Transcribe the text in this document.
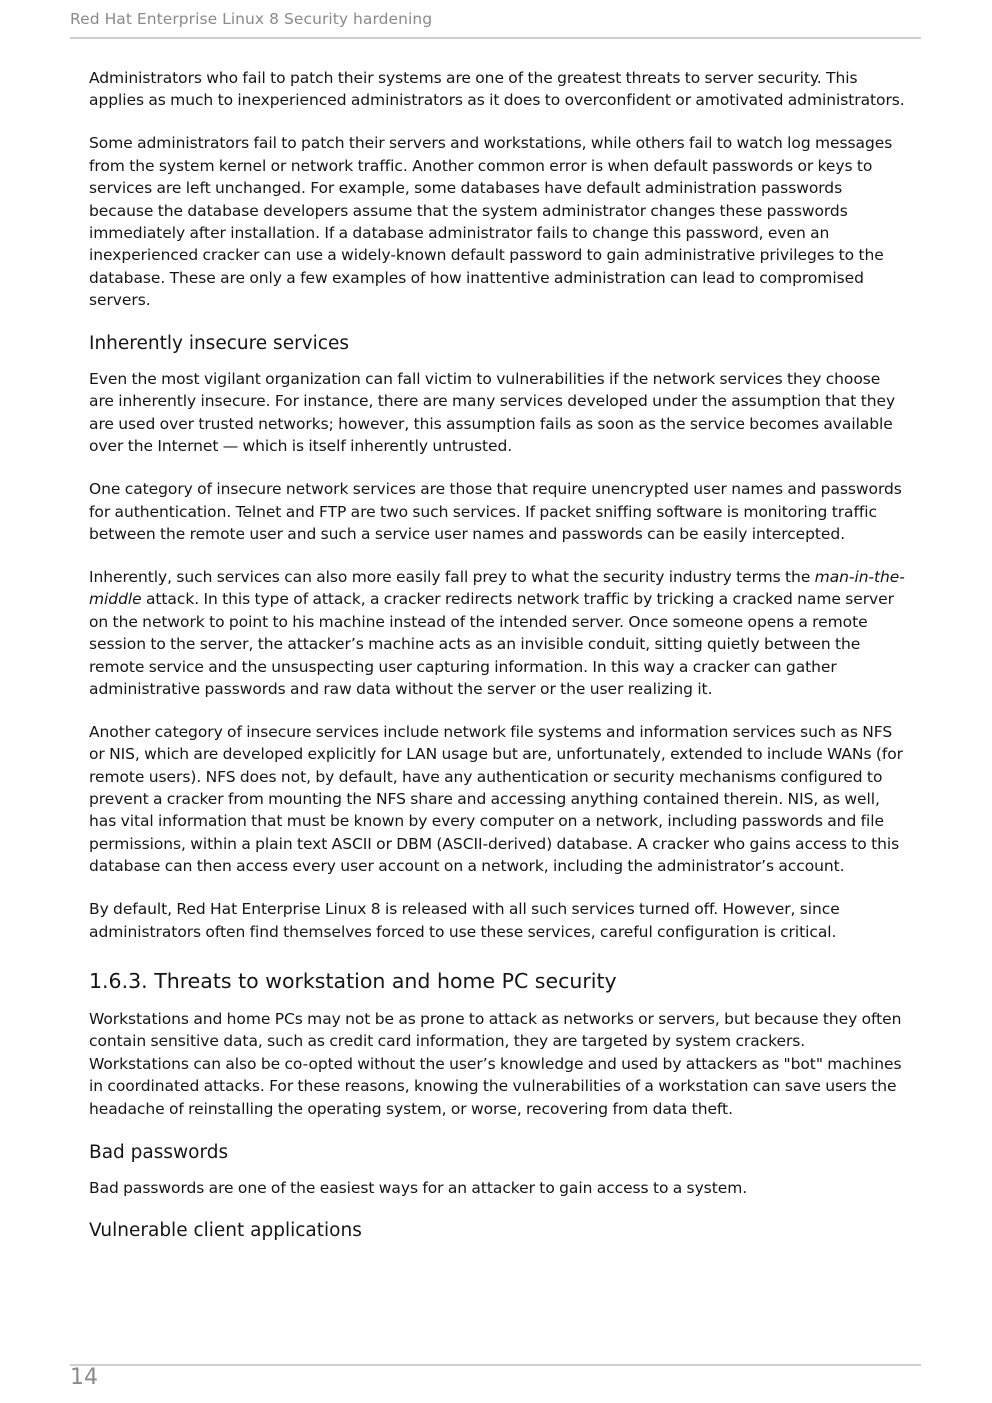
Red Hat Enterprise Linux 8 Security hardening

Administrators who fail to patch their systems are one of the greatest threats to server security. This applies as much to inexperienced administrators as it does to overconfident or amotivated administrators.

Some administrators fail to patch their servers and workstations, while others fail to watch log messages from the system kernel or network traffic. Another common error is when default passwords or keys to services are left unchanged. For example, some databases have default administration passwords because the database developers assume that the system administrator changes these passwords immediately after installation. If a database administrator fails to change this password, even an inexperienced cracker can use a widely-known default password to gain administrative privileges to the database. These are only a few examples of how inattentive administration can lead to compromised servers.

Inherently insecure services

Even the most vigilant organization can fall victim to vulnerabilities if the network services they choose are inherently insecure. For instance, there are many services developed under the assumption that they are used over trusted networks; however, this assumption fails as soon as the service becomes available over the Internet — which is itself inherently untrusted.

One category of insecure network services are those that require unencrypted user names and passwords for authentication. Telnet and FTP are two such services. If packet sniffing software is monitoring traffic between the remote user and such a service user names and passwords can be easily intercepted.

Inherently, such services can also more easily fall prey to what the security industry terms the man-in-the-middle attack. In this type of attack, a cracker redirects network traffic by tricking a cracked name server on the network to point to his machine instead of the intended server. Once someone opens a remote session to the server, the attacker’s machine acts as an invisible conduit, sitting quietly between the remote service and the unsuspecting user capturing information. In this way a cracker can gather administrative passwords and raw data without the server or the user realizing it.

Another category of insecure services include network file systems and information services such as NFS or NIS, which are developed explicitly for LAN usage but are, unfortunately, extended to include WANs (for remote users). NFS does not, by default, have any authentication or security mechanisms configured to prevent a cracker from mounting the NFS share and accessing anything contained therein. NIS, as well, has vital information that must be known by every computer on a network, including passwords and file permissions, within a plain text ASCII or DBM (ASCII-derived) database. A cracker who gains access to this database can then access every user account on a network, including the administrator’s account.

By default, Red Hat Enterprise Linux 8 is released with all such services turned off. However, since administrators often find themselves forced to use these services, careful configuration is critical.

1.6.3. Threats to workstation and home PC security

Workstations and home PCs may not be as prone to attack as networks or servers, but because they often contain sensitive data, such as credit card information, they are targeted by system crackers. Workstations can also be co-opted without the user’s knowledge and used by attackers as "bot" machines in coordinated attacks. For these reasons, knowing the vulnerabilities of a workstation can save users the headache of reinstalling the operating system, or worse, recovering from data theft.

Bad passwords

Bad passwords are one of the easiest ways for an attacker to gain access to a system.

Vulnerable client applications
14
